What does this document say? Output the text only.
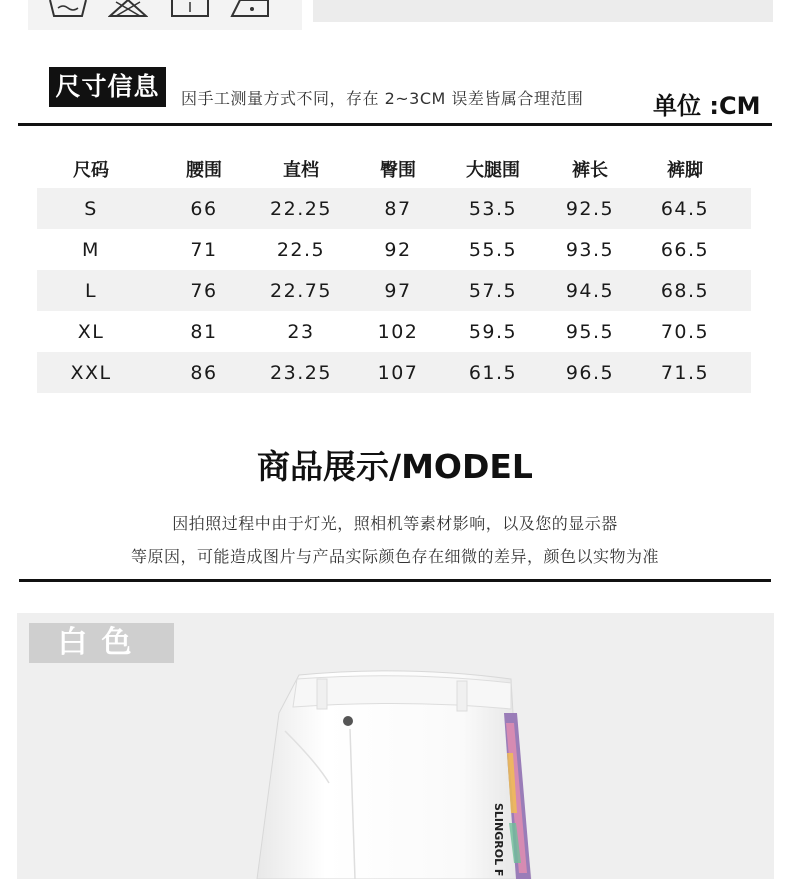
尺寸信息	因手工测量方式不同，存在 2~3CM 误差皆属合理范围	单位 :CM
尺码	腰围	直档	臀围	大腿围	裤长	裤脚
S	66	22.25	87	53.5	92.5	64.5
M	71	22.5	92	55.5	93.5	66.5
L	76	22.75	97	57.5	94.5	68.5
XL	81	23	102	59.5	95.5	70.5
XXL	86	23.25	107	61.5	96.5	71.5
商品展示/MODEL
因拍照过程中由于灯光，照相机等素材影响，以及您的显示器
等原因，可能造成图片与产品实际颜色存在细微的差异，颜色以实物为准
白色
SLINGROL F
